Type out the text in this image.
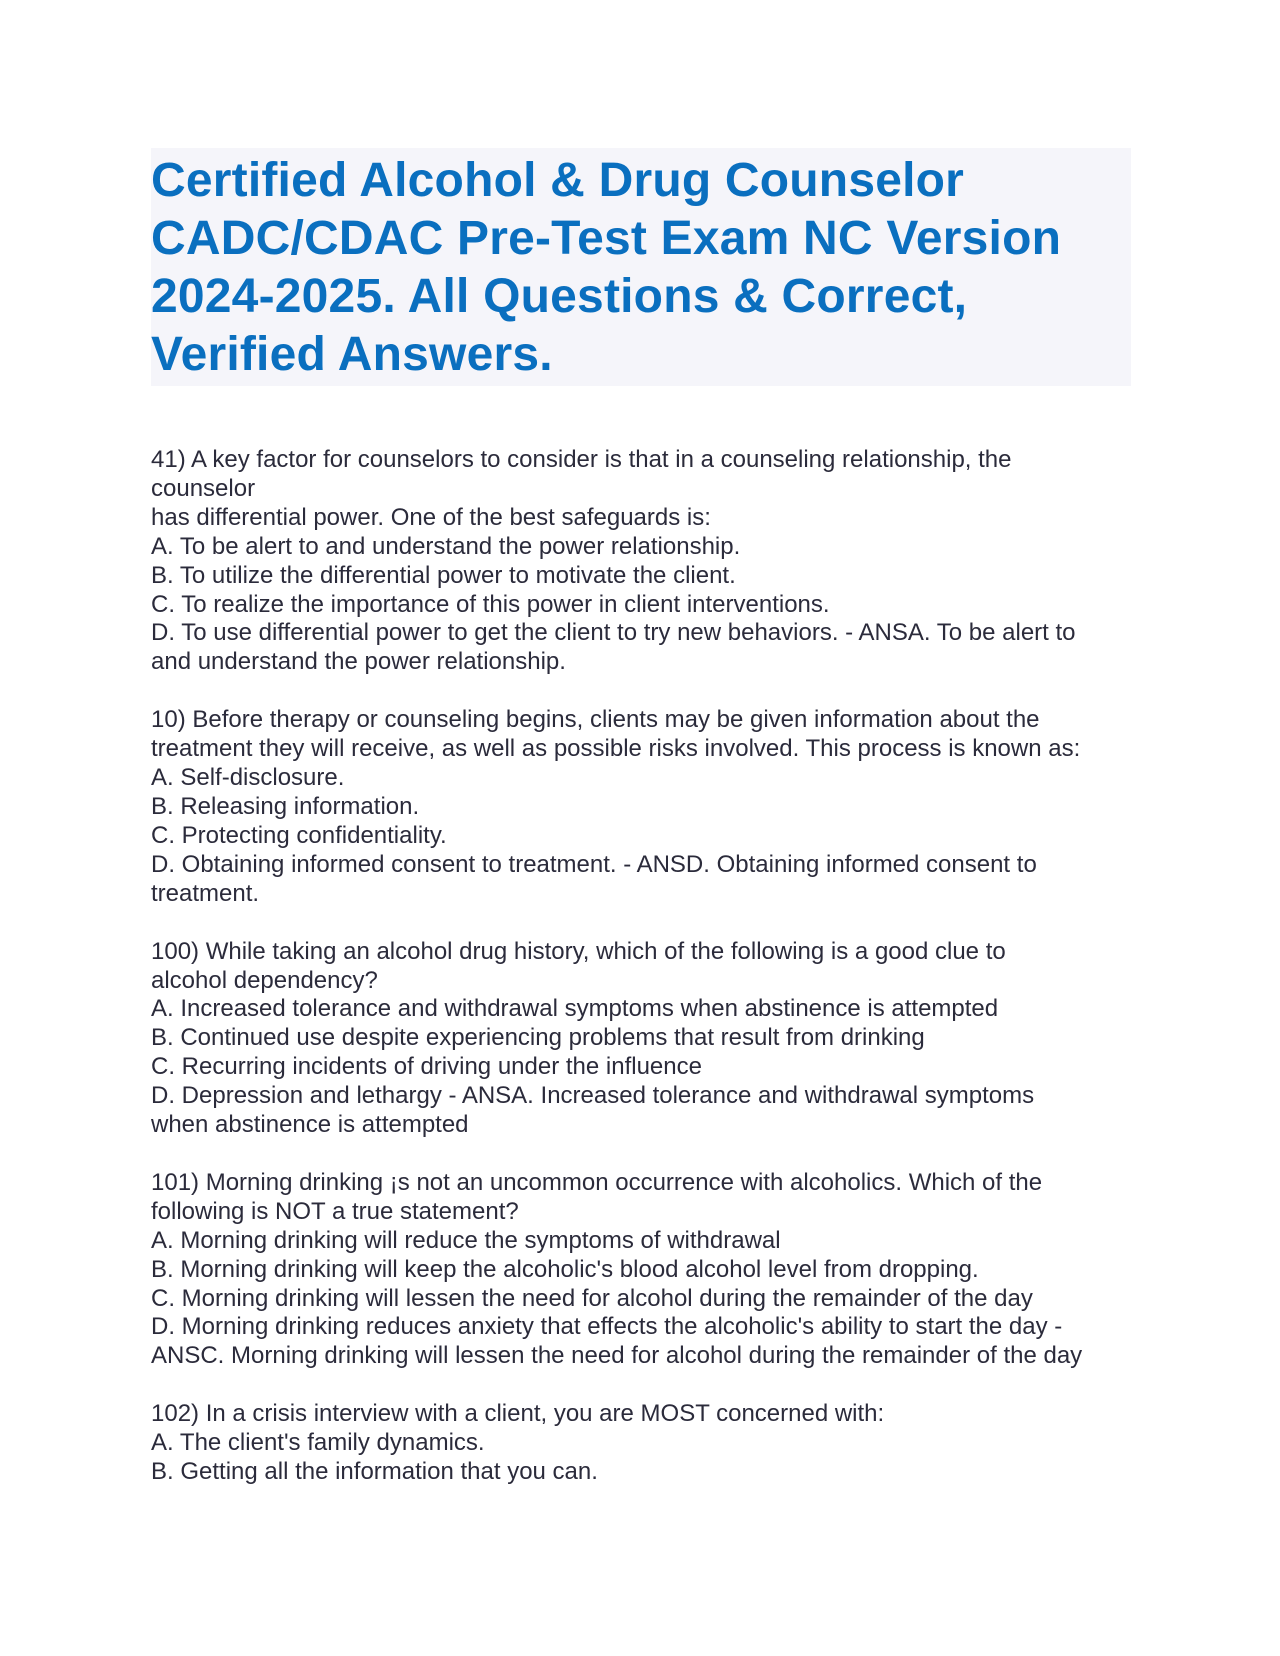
Certified Alcohol & Drug Counselor
CADC/CDAC Pre-Test Exam NC Version
2024-2025. All Questions & Correct,
Verified Answers.
41) A key factor for counselors to consider is that in a counseling relationship, the
counselor
has differential power. One of the best safeguards is:
A. To be alert to and understand the power relationship.
B. To utilize the differential power to motivate the client.
C. To realize the importance of this power in client interventions.
D. To use differential power to get the client to try new behaviors. - ANSA. To be alert to
and understand the power relationship.
10) Before therapy or counseling begins, clients may be given information about the
treatment they will receive, as well as possible risks involved. This process is known as:
A. Self-disclosure.
B. Releasing information.
C. Protecting confidentiality.
D. Obtaining informed consent to treatment. - ANSD. Obtaining informed consent to
treatment.
100) While taking an alcohol drug history, which of the following is a good clue to
alcohol dependency?
A. Increased tolerance and withdrawal symptoms when abstinence is attempted
B. Continued use despite experiencing problems that result from drinking
C. Recurring incidents of driving under the influence
D. Depression and lethargy - ANSA. Increased tolerance and withdrawal symptoms
when abstinence is attempted
101) Morning drinking ¡s not an uncommon occurrence with alcoholics. Which of the
following is NOT a true statement?
A. Morning drinking will reduce the symptoms of withdrawal
B. Morning drinking will keep the alcoholic's blood alcohol level from dropping.
C. Morning drinking will lessen the need for alcohol during the remainder of the day
D. Morning drinking reduces anxiety that effects the alcoholic's ability to start the day -
ANSC. Morning drinking will lessen the need for alcohol during the remainder of the day
102) In a crisis interview with a client, you are MOST concerned with:
A. The client's family dynamics.
B. Getting all the information that you can.
